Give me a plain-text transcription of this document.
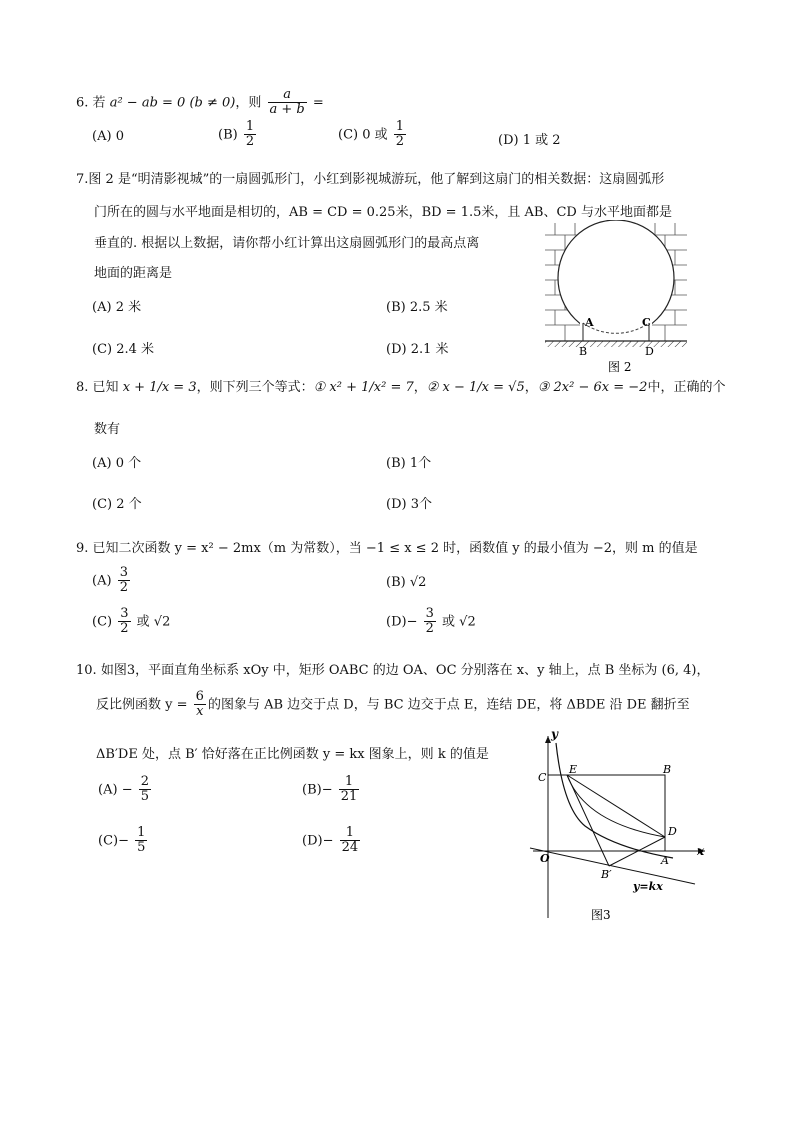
6. 若 a² − ab = 0 (b ≠ 0)，则 $\frac{a}{a + b}$ =
(A) 0	$(B) \frac{1}{2}$	(C) 0 或 $\frac{1}{2}$	(D) 1 或 2
7.图 2 是“明清影视城”的一扇圆弧形门，小红到影视城游玩，他了解到这扇门的相关数据：这扇圆弧形
门所在的圆与水平地面是相切的，AB = CD = 0.25米，BD = 1.5米，且 AB、CD 与水平地面都是
垂直的. 根据以上数据，请你帮小红计算出这扇圆弧形门的最高点离
地面的距离是
(A) 2 米	(B) 2.5 米
(C) 2.4 米	(D) 2.1 米
A	C
B	D
图 2
8. 已知 x + 1/x = 3，则下列三个等式：① x² + 1/x² = 7，② x − 1/x = √5，③ 2x² − 6x = −2中，正确的个
数有
(A) 0 个	(B) 1个
(C) 2 个	(D) 3个
9. 已知二次函数 y = x² − 2mx（m 为常数），当 −1 ≤ x ≤ 2 时，函数值 y 的最小值为 −2，则 m 的值是
$(A) \frac{3}{2}$	(B) √2
$(C) \frac{3}{2}$ 或 √2	$(D)- \frac{3}{2}$ 或 √2
10. 如图3，平面直角坐标系 xOy 中，矩形 OABC 的边 OA、OC 分别落在 x、y 轴上，点 B 坐标为 (6, 4)，
反比例函数 $y = \frac{6}{x}$ 的图象与 AB 边交于点 D，与 BC 边交于点 E，连结 DE，将 ΔBDE 沿 DE 翻折至
ΔB′DE 处，点 B′ 恰好落在正比例函数 y = kx 图象上，则 k 的值是
$(A) - \frac{2}{5}$	$(B)- \frac{1}{21}$
$(C)- \frac{1}{5}$	$(D)- \frac{1}{24}$
O
x
y
C
E	B
D
A
B′
y=kx
图3
